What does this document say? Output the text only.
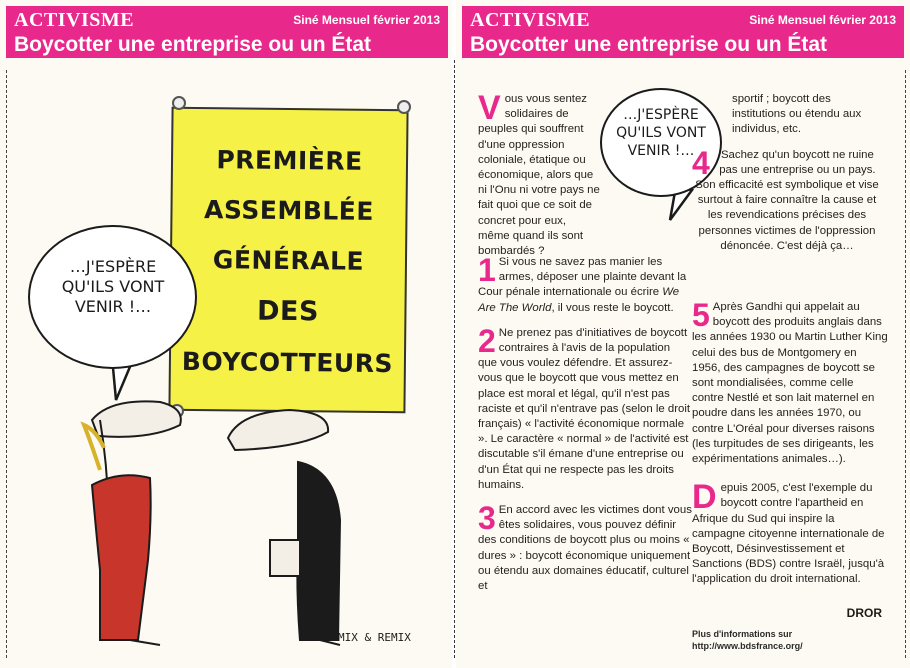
ACTIVISME	Siné Mensuel février 2013
Boycotter une entreprise ou un État
PREMIÈRE
ASSEMBLÉE
GÉNÉRALE
DES
BOYCOTTEURS
…J'ESPÈRE
QU'ILS VONT
VENIR !…
MIX & REMIX
ACTIVISME	Siné Mensuel février 2013
Boycotter une entreprise ou un État
…J'ESPÈRE
QU'ILS VONT
VENIR !…
Vous vous sentez solidaires de peuples qui souffrent d'une oppression coloniale, étatique ou économique, alors que ni l'Onu ni votre pays ne fait quoi que ce soit de concret pour eux, même quand ils sont bombardés ?

1 Si vous ne savez pas manier les armes, déposer une plainte devant la Cour pénale internationale ou écrire We Are The World, il vous reste le boycott.

2 Ne prenez pas d'initiatives de boycott contraires à l'avis de la population que vous voulez défendre. Et assurez-vous que le boycott que vous mettez en place est moral et légal, qu'il n'est pas raciste et qu'il n'entrave pas (selon le droit français) « l'activité économique normale ». Le caractère « normal » de l'activité est discutable s'il émane d'une entreprise ou d'un État qui ne respecte pas les droits humains.

3 En accord avec les victimes dont vous êtes solidaires, vous pouvez définir des conditions de boycott plus ou moins « dures » : boycott économique uniquement ou étendu aux domaines éducatif, culturel et

sportif ; boycott des institutions ou étendu aux individus, etc.

4 Sachez qu'un boycott ne ruine pas une entreprise ou un pays. Son efficacité est symbolique et vise surtout à faire connaître la cause et les revendications précises des personnes victimes de l'oppression dénoncée. C'est déjà ça…

5 Après Gandhi qui appelait au boycott des produits anglais dans les années 1930 ou Martin Luther King celui des bus de Montgomery en 1956, des campagnes de boycott se sont mondialisées, comme celle contre Nestlé et son lait maternel en poudre dans les années 1970, ou contre L'Oréal pour diverses raisons (les turpitudes de ses dirigeants, les expérimentations animales…).

Depuis 2005, c'est l'exemple du boycott contre l'apartheid en Afrique du Sud qui inspire la campagne citoyenne internationale de Boycott, Désinvestissement et Sanctions (BDS) contre Israël, jusqu'à l'application du droit international.

DROR
Plus d'informations sur
http://www.bdsfrance.org/
